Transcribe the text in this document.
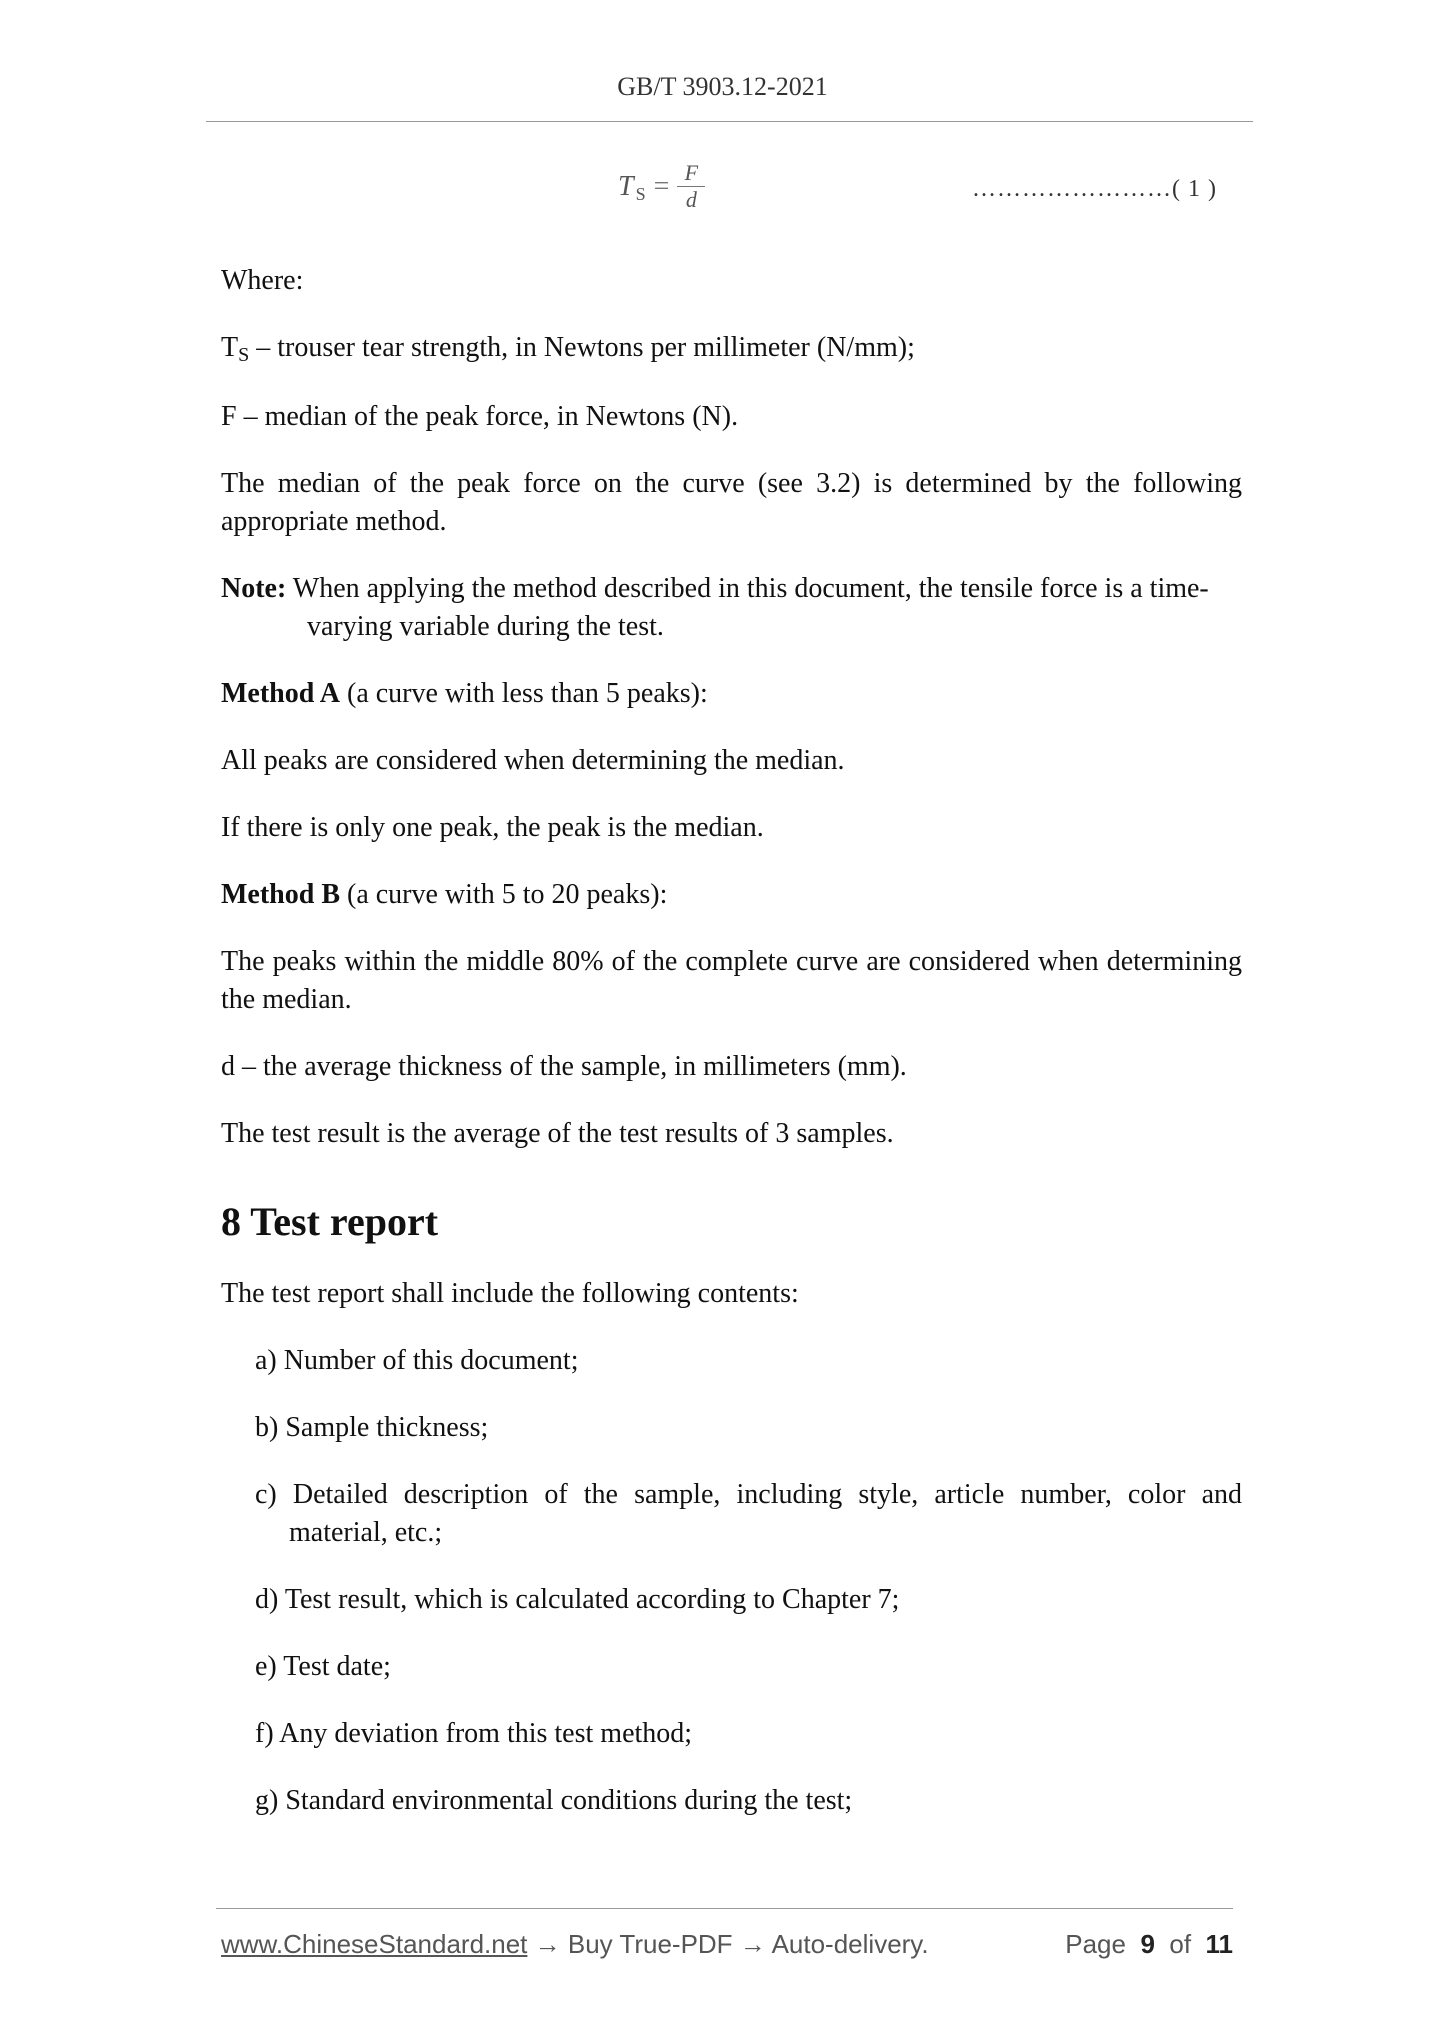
GB/T 3903.12-2021
T $S = \frac{F}{d}$	……………………( 1 )

Where:

TS – trouser tear strength, in Newtons per millimeter (N/mm);

F – median of the peak force, in Newtons (N).

The median of the peak force on the curve (see 3.2) is determined by the following appropriate method.

Note: When applying the method described in this document, the tensile force is a time-varying variable during the test.

Method A (a curve with less than 5 peaks):

All peaks are considered when determining the median.

If there is only one peak, the peak is the median.

Method B (a curve with 5 to 20 peaks):

The peaks within the middle 80% of the complete curve are considered when determining the median.

d – the average thickness of the sample, in millimeters (mm).

The test result is the average of the test results of 3 samples.

8 Test report

The test report shall include the following contents:

a) Number of this document;

b) Sample thickness;

c) Detailed description of the sample, including style, article number, color and material, etc.;

d) Test result, which is calculated according to Chapter 7;

e) Test date;

f) Any deviation from this test method;

g) Standard environmental conditions during the test;

www.ChineseStandard.net → Buy True-PDF → Auto-delivery.	Page 9 of 11
